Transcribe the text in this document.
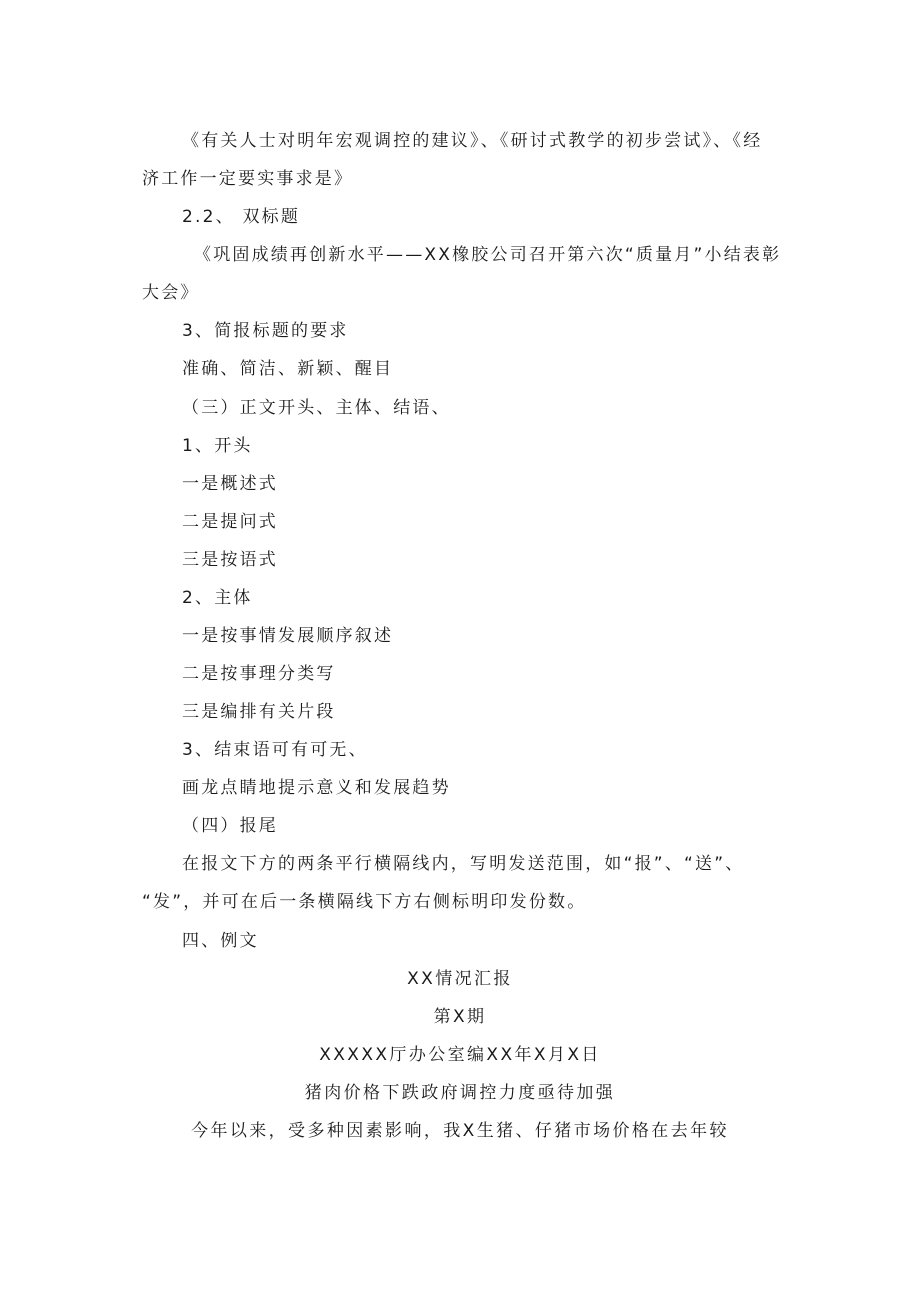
《有关人士对明年宏观调控的建议》、《研讨式教学的初步尝试》、《经
济工作一定要实事求是》
2.2、 双标题
《巩固成绩再创新水平——XX橡胶公司召开第六次“质量月”小结表彰
大会》
3、简报标题的要求
准确、简洁、新颖、醒目
（三）正文开头、主体、结语、
1、开头
一是概述式
二是提问式
三是按语式
2、主体
一是按事情发展顺序叙述
二是按事理分类写
三是编排有关片段
3、结束语可有可无、
画龙点睛地提示意义和发展趋势
（四）报尾
在报文下方的两条平行横隔线内，写明发送范围，如“报”、“送”、
“发”，并可在后一条横隔线下方右侧标明印发份数。
四、例文
XX情况汇报
第X期
XXXXX厅办公室编XX年X月X日
猪肉价格下跌政府调控力度亟待加强
今年以来，受多种因素影响，我X生猪、仔猪市场价格在去年较
